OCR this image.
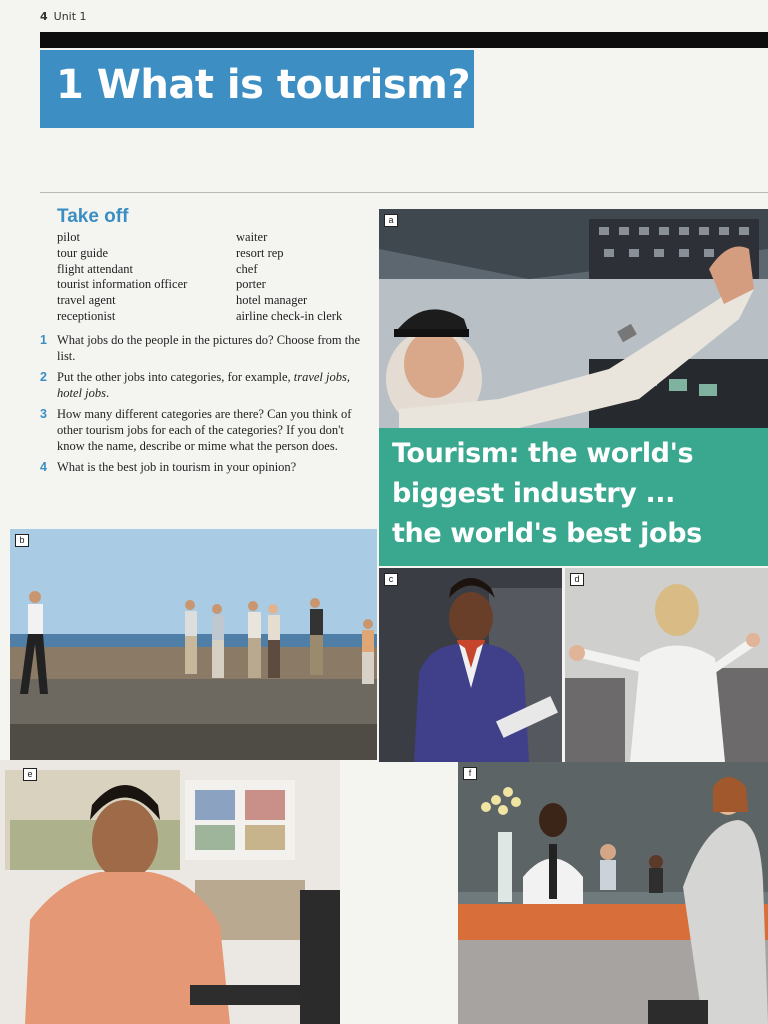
4 Unit 1
1 What is tourism?
Take off
pilot
tour guide
flight attendant
tourist information officer
travel agent
receptionist
waiter
resort rep
chef
porter
hotel manager
airline check-in clerk
1 What jobs do the people in the pictures do? Choose from the list.
2 Put the other jobs into categories, for example, travel jobs, hotel jobs.
3 How many different categories are there? Can you think of other tourism jobs for each of the categories? If you don't know the name, describe or mime what the person does.
4 What is the best job in tourism in your opinion?
a
Tourism: the world's
biggest industry ...
the world's best jobs
b
c	d
e	f
